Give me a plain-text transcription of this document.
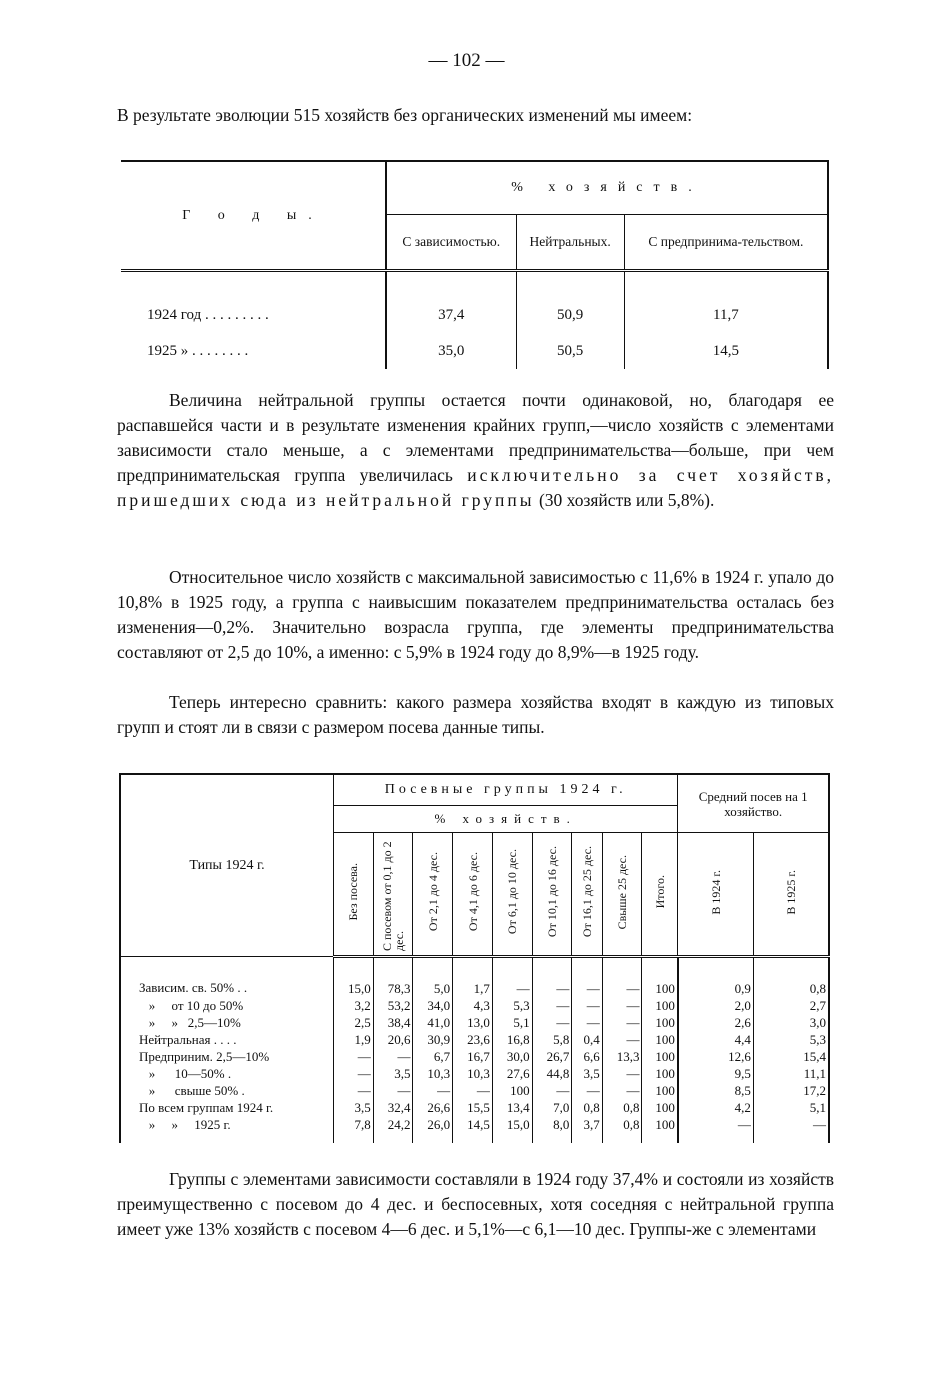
— 102 —

В результате эволюции 515 хозяйств без органических изменений мы имеем:

Г о д ы.	% хозяйств.		
	С зависимостью.	Нейтральных.	С предпринима-тельством.
1924 год . . . . . . . . .	37,4	50,9	11,7
1925 » . . . . . . . .	35,0	50,5	14,5

Величина нейтральной группы остается почти одинаковой, но, благодаря ее распавшейся части и в результате изменения крайних групп,—число хозяйств с элементами зависимости стало меньше, а с элементами предпринимательства—больше, при чем предпринимательская группа увеличилась исключительно за счет хозяйств, пришедших сюда из нейтральной группы (30 хозяйств или 5,8%).

Относительное число хозяйств с максимальной зависимостью с 11,6% в 1924 г. упало до 10,8% в 1925 году, а группа с наивысшим показателем предпринимательства осталась без изменения—0,2%. Значительно возрасла группа, где элементы предпринимательства составляют от 2,5 до 10%, а именно: с 5,9% в 1924 году до 8,9%—в 1925 году.

Теперь интересно сравнить: какого размера хозяйства входят в каждую из типовых групп и стоят ли в связи с размером посева данные типы.

Типы 1924 г.	Посевные группы 1924 г.									Средний посев на 1 хозяйство.	
	% хозяйств.										
	Без посева.	С посевом от 0,1 до 2 дес.	От 2,1 до 4 дес.	От 4,1 до 6 дес.	От 6,1 до 10 дес.	От 10,1 до 16 дес.	От 16,1 до 25 дес.	Свыше 25 дес.	Итого.	В 1924 г.	В 1925 г.
Зависим. св. 50% . .	15,0	78,3	5,0	1,7	—	—	—	—	100	0,9	0,8
»     от 10 до 50%	3,2	53,2	34,0	4,3	5,3	—	—	—	100	2,0	2,7
»     »   2,5—10%	2,5	38,4	41,0	13,0	5,1	—	—	—	100	2,6	3,0
Нейтральная . . . .	1,9	20,6	30,9	23,6	16,8	5,8	0,4	—	100	4,4	5,3
Предприним. 2,5—10%	—	—	6,7	16,7	30,0	26,7	6,6	13,3	100	12,6	15,4
»      10—50% .	—	3,5	10,3	10,3	27,6	44,8	3,5	—	100	9,5	11,1
»      свыше 50% .	—	—	—	—	100	—	—	—	100	8,5	17,2
По всем группам 1924 г.	3,5	32,4	26,6	15,5	13,4	7,0	0,8	0,8	100	4,2	5,1
»     »     1925 г.	7,8	24,2	26,0	14,5	15,0	8,0	3,7	0,8	100	—	—

Группы с элементами зависимости составляли в 1924 году 37,4% и состояли из хозяйств преимущественно с посевом до 4 дес. и беспосевных, хотя соседняя с нейтральной группа имеет уже 13% хозяйств с посевом 4—6 дес. и 5,1%—с 6,1—10 дес. Группы-же с элементами
